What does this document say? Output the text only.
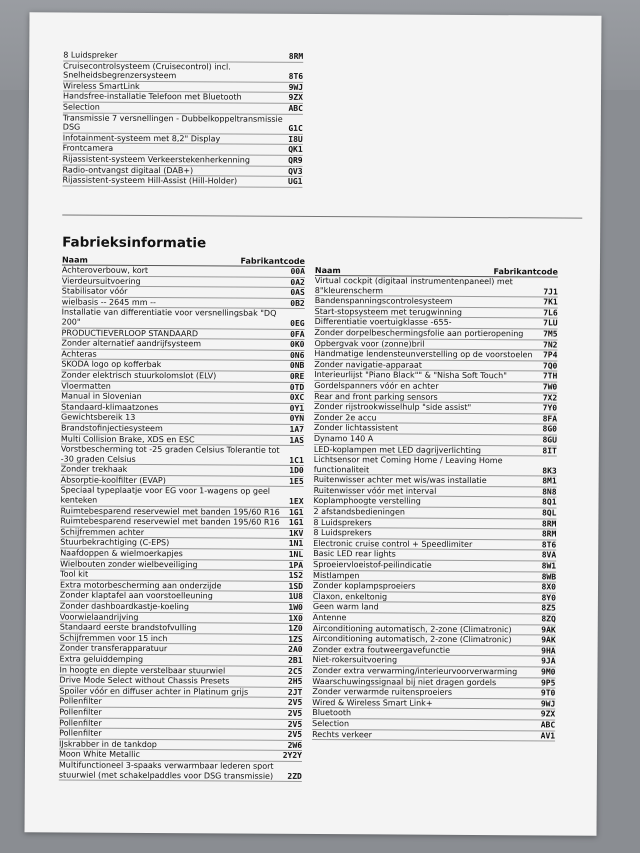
8 Luidspreker	8RM
Cruisecontrolsysteem (Cruisecontrol) incl. Snelheidsbegrenzersysteem	8T6
Wireless SmartLink	9WJ
Handsfree-installatie Telefoon met Bluetooth	9ZX
Selection	ABC
Transmissie 7 versnellingen - Dubbelkoppeltransmissie DSG	G1C
Infotainment-systeem met 8,2" Display	I8U
Frontcamera	QK1
Rijassistent-systeem Verkeerstekenherkenning	QR9
Radio-ontvangst digitaal (DAB+)	QV3
Rijassistent-systeem Hill-Assist (Hill-Holder)	UG1
Fabrieksinformatie
Naam	Fabrikantcode
Achteroverbouw, kort	00A
Vierdeursuitvoering	0A2
Stabilisator vóór	0AS
wielbasis -- 2645 mm --	0B2
Installatie van differentiatie voor versnellingsbak "DQ 200"	0EG
PRODUCTIEVERLOOP STANDAARD	0FA
Zonder alternatief aandrijfsysteem	0K0
Achteras	0N6
SKODA logo op kofferbak	0NB
Zonder elektrisch stuurkolomslot (ELV)	0RE
Vloermatten	0TD
Manual in Slovenian	0XC
Standaard-klimaatzones	0Y1
Gewichtsbereik 13	0YN
Brandstofinjectiesysteem	1A7
Multi Collision Brake, XDS en ESC	1AS
Vorstbescherming tot -25 graden Celsius Tolerantie tot -30 graden Celsius	1C1
Zonder trekhaak	1D0
Absorptie-koolfilter (EVAP)	1E5
Speciaal typeplaatje voor EG voor 1-wagens op geel kenteken	1EX
Ruimtebesparend reservewiel met banden 195/60 R16	1G1
Ruimtebesparend reservewiel met banden 195/60 R16	1G1
Schijfremmen achter	1KV
Stuurbekrachtiging (C-EPS)	1N1
Naafdoppen & wielmoerkapjes	1NL
Wielbouten zonder wielbeveiliging	1PA
Tool kit	1S2
Extra motorbescherming aan onderzijde	1SD
Zonder klaptafel aan voorstoelleuning	1U8
Zonder dashboardkastje-koeling	1W0
Voorwielaandrijving	1X0
Standaard eerste brandstofvulling	1Z0
Schijfremmen voor 15 inch	1ZS
Zonder transferapparatuur	2A0
Extra geluiddemping	2B1
In hoogte en diepte verstelbaar stuurwiel	2C5
Drive Mode Select without Chassis Presets	2H5
Spoiler vóór en diffuser achter in Platinum grijs	2JT
Pollenfilter	2V5
Pollenfilter	2V5
Pollenfilter	2V5
Pollenfilter	2V5
IJskrabber in de tankdop	2W6
Moon White Metallic	2Y2Y
Multifunctioneel 3-spaaks verwarmbaar lederen sport stuurwiel (met schakelpaddles voor DSG transmissie)	2ZD
Naam	Fabrikantcode
Virtual cockpit (digitaal instrumentenpaneel) met 8"kleurenscherm	7J1
Bandenspanningscontrolesysteem	7K1
Start-stopsysteem met terugwinning	7L6
Differentiatie voertuigklasse -655-	7LU
Zonder dorpelbeschermingsfolie aan portieropening	7M5
Opbergvak voor (zonne)bril	7N2
Handmatige lendensteunverstelling op de voorstoelen	7P4
Zonder navigatie-apparaat	7Q0
Interieurlijst "Piano Black"" & "Nisha Soft Touch"	7TH
Gordelspanners vóór en achter	7W0
Rear and front parking sensors	7X2
Zonder rijstrookwisselhulp "side assist"	7Y0
Zonder 2e accu	8FA
Zonder lichtassistent	8G0
Dynamo 140 A	8GU
LED-koplampen met LED dagrijverlichting	8IT
Lichtsensor met Coming Home / Leaving Home functionaliteit	8K3
Ruitenwisser achter met wis/was installatie	8M1
Ruitenwisser vóór met interval	8N8
Koplamphoogte verstelling	8Q1
2 afstandsbedieningen	8QL
8 Luidsprekers	8RM
8 Luidsprekers	8RM
Electronic cruise control + Speedlimiter	8T6
Basic LED rear lights	8VA
Sproeiervloeistof-peilindicatie	8W1
Mistlampen	8WB
Zonder koplampsproeiers	8X0
Claxon, enkeltonig	8Y0
Geen warm land	8Z5
Antenne	8ZQ
Airconditioning automatisch, 2-zone (Climatronic)	9AK
Airconditioning automatisch, 2-zone (Climatronic)	9AK
Zonder extra foutweergavefunctie	9HA
Niet-rokersuitvoering	9JA
Zonder extra verwarming/interieurvoorverwarming	9M0
Waarschuwingssignaal bij niet dragen gordels	9P5
Zonder verwarmde ruitensproeiers	9T0
Wired & Wireless Smart Link+	9WJ
Bluetooth	9ZX
Selection	ABC
Rechts verkeer	AV1
